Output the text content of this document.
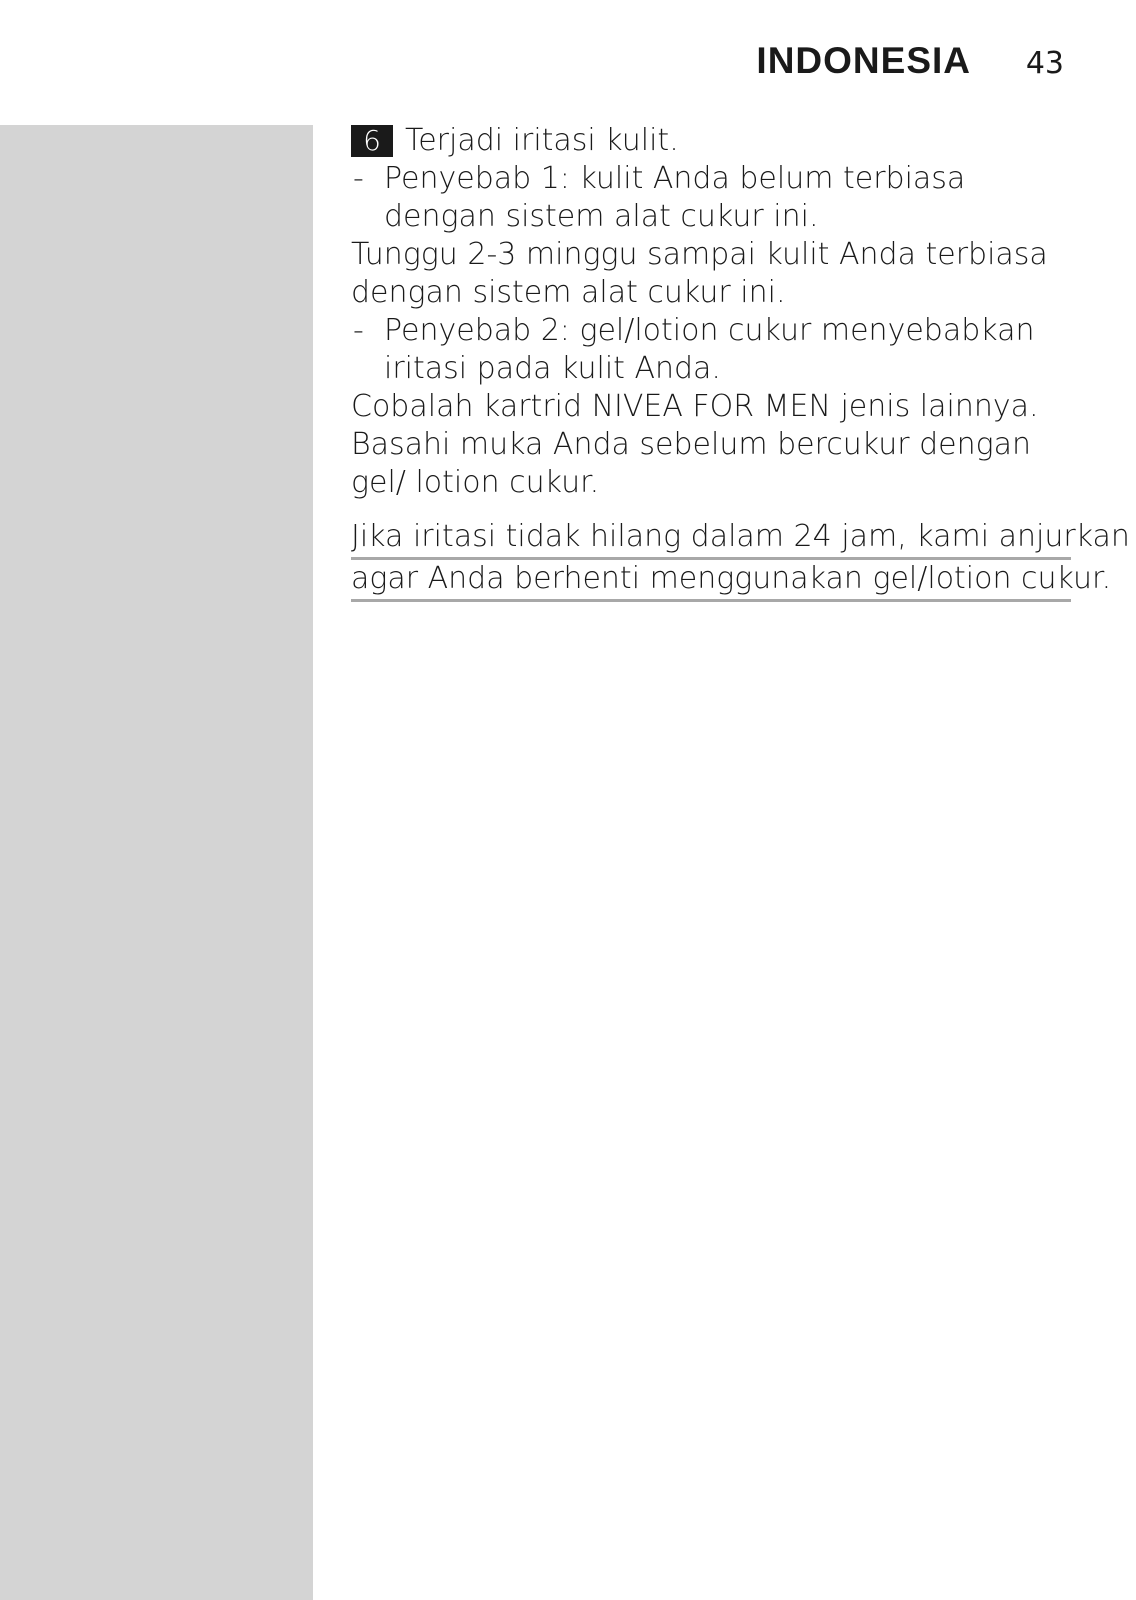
INDONESIA 43
6 Terjadi iritasi kulit.
- Penyebab 1: kulit Anda belum terbiasa dengan sistem alat cukur ini.
Tunggu 2-3 minggu sampai kulit Anda terbiasa dengan sistem alat cukur ini.
- Penyebab 2: gel/lotion cukur menyebabkan iritasi pada kulit Anda.
Cobalah kartrid NIVEA FOR MEN jenis lainnya.
Basahi muka Anda sebelum bercukur dengan gel/ lotion cukur.
Jika iritasi tidak hilang dalam 24 jam, kami anjurkan
agar Anda berhenti menggunakan gel/lotion cukur.
